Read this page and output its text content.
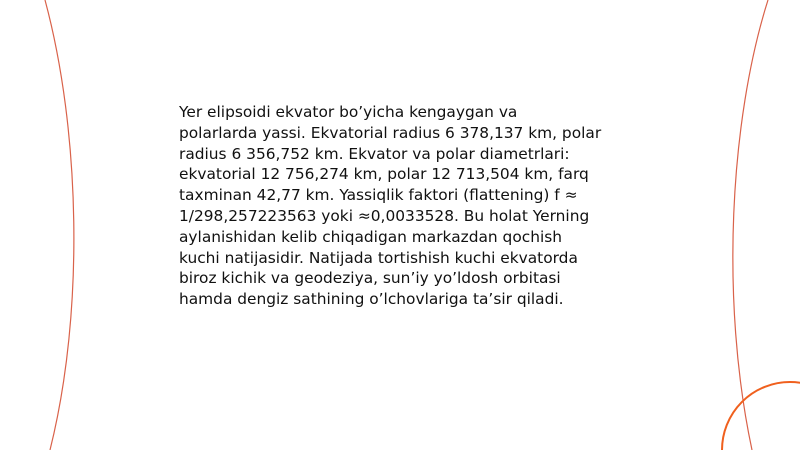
Yer elipsoidi ekvator bo’yicha kengaygan va
polarlarda yassi. Ekvatorial radius 6 378,137 km, polar
radius 6 356,752 km. Ekvator va polar diametrlari:
ekvatorial 12 756,274 km, polar 12 713,504 km, farq
taxminan 42,77 km. Yassiqlik faktori (flattening) f ≈
1/298,257223563 yoki ≈0,0033528. Bu holat Yerning
aylanishidan kelib chiqadigan markazdan qochish
kuchi natijasidir. Natijada tortishish kuchi ekvatorda
biroz kichik va geodeziya, sun’iy yo’ldosh orbitasi
hamda dengiz sathining o’lchovlariga ta’sir qiladi.
